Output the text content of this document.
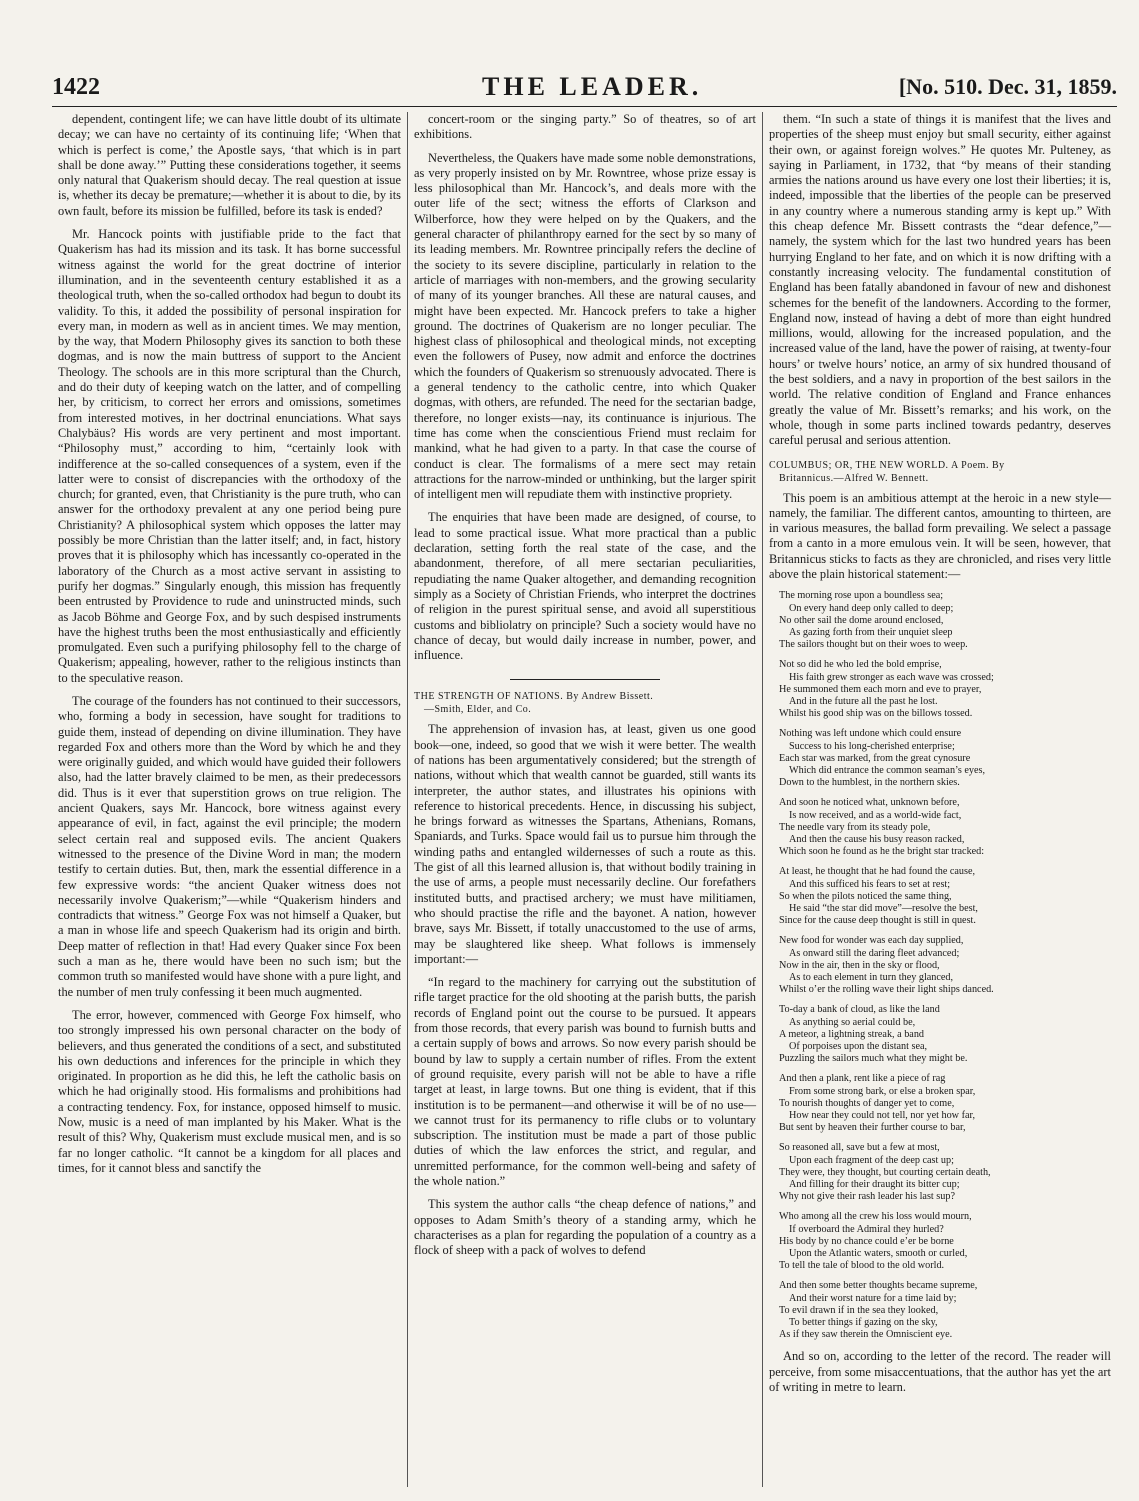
1422	THE LEADER.	[No. 510. Dec. 31, 1859.

dependent, contingent life; we can have little doubt of its ultimate decay; we can have no certainty of its continuing life; ‘When that which is perfect is come,’ the Apostle says, ‘that which is in part shall be done away.’” Putting these considerations together, it seems only natural that Quakerism should decay. The real question at issue is, whether its decay be premature;—whether it is about to die, by its own fault, before its mission be fulfilled, before its task is ended?

Mr. Hancock points with justifiable pride to the fact that Quakerism has had its mission and its task. It has borne successful witness against the world for the great doctrine of interior illumination, and in the seventeenth century established it as a theological truth, when the so-called orthodox had begun to doubt its validity. To this, it added the possibility of personal inspiration for every man, in modern as well as in ancient times. We may mention, by the way, that Modern Philosophy gives its sanction to both these dogmas, and is now the main buttress of support to the Ancient Theology. The schools are in this more scriptural than the Church, and do their duty of keeping watch on the latter, and of compelling her, by criticism, to correct her errors and omissions, sometimes from interested motives, in her doctrinal enunciations. What says Chalybäus? His words are very pertinent and most important. “Philosophy must,” according to him, “certainly look with indifference at the so-called consequences of a system, even if the latter were to consist of discrepancies with the orthodoxy of the church; for granted, even, that Christianity is the pure truth, who can answer for the orthodoxy prevalent at any one period being pure Christianity? A philosophical system which opposes the latter may possibly be more Christian than the latter itself; and, in fact, history proves that it is philosophy which has incessantly co-operated in the laboratory of the Church as a most active servant in assisting to purify her dogmas.” Singularly enough, this mission has frequently been entrusted by Providence to rude and uninstructed minds, such as Jacob Böhme and George Fox, and by such despised instruments have the highest truths been the most enthusiastically and efficiently promulgated. Even such a purifying philosophy fell to the charge of Quakerism; appealing, however, rather to the religious instincts than to the speculative reason.

The courage of the founders has not continued to their successors, who, forming a body in secession, have sought for traditions to guide them, instead of depending on divine illumination. They have regarded Fox and others more than the Word by which he and they were originally guided, and which would have guided their followers also, had the latter bravely claimed to be men, as their predecessors did. Thus is it ever that superstition grows on true religion. The ancient Quakers, says Mr. Hancock, bore witness against every appearance of evil, in fact, against the evil principle; the modern select certain real and supposed evils. The ancient Quakers witnessed to the presence of the Divine Word in man; the modern testify to certain duties. But, then, mark the essential difference in a few expressive words: “the ancient Quaker witness does not necessarily involve Quakerism;”—while “Quakerism hinders and contradicts that witness.” George Fox was not himself a Quaker, but a man in whose life and speech Quakerism had its origin and birth. Deep matter of reflection in that! Had every Quaker since Fox been such a man as he, there would have been no such ism; but the common truth so manifested would have shone with a pure light, and the number of men truly confessing it been much augmented.

The error, however, commenced with George Fox himself, who too strongly impressed his own personal character on the body of believers, and thus generated the conditions of a sect, and substituted his own deductions and inferences for the principle in which they originated. In proportion as he did this, he left the catholic basis on which he had originally stood. His formalisms and prohibitions had a contracting tendency. Fox, for instance, opposed himself to music. Now, music is a need of man implanted by his Maker. What is the result of this? Why, Quakerism must exclude musical men, and is so far no longer catholic. “It cannot be a kingdom for all places and times, for it cannot bless and sanctify the

concert-room or the singing party.” So of theatres, so of art exhibitions.

Nevertheless, the Quakers have made some noble demonstrations, as very properly insisted on by Mr. Rowntree, whose prize essay is less philosophical than Mr. Hancock’s, and deals more with the outer life of the sect; witness the efforts of Clarkson and Wilberforce, how they were helped on by the Quakers, and the general character of philanthropy earned for the sect by so many of its leading members. Mr. Rowntree principally refers the decline of the society to its severe discipline, particularly in relation to the article of marriages with non-members, and the growing secularity of many of its younger branches. All these are natural causes, and might have been expected. Mr. Hancock prefers to take a higher ground. The doctrines of Quakerism are no longer peculiar. The highest class of philosophical and theological minds, not excepting even the followers of Pusey, now admit and enforce the doctrines which the founders of Quakerism so strenuously advocated. There is a general tendency to the catholic centre, into which Quaker dogmas, with others, are refunded. The need for the sectarian badge, therefore, no longer exists—nay, its continuance is injurious. The time has come when the conscientious Friend must reclaim for mankind, what he had given to a party. In that case the course of conduct is clear. The formalisms of a mere sect may retain attractions for the narrow-minded or unthinking, but the larger spirit of intelligent men will repudiate them with instinctive propriety.

The enquiries that have been made are designed, of course, to lead to some practical issue. What more practical than a public declaration, setting forth the real state of the case, and the abandonment, therefore, of all mere sectarian peculiarities, repudiating the name Quaker altogether, and demanding recognition simply as a Society of Christian Friends, who interpret the doctrines of religion in the purest spiritual sense, and avoid all superstitious customs and bibliolatry on principle? Such a society would have no chance of decay, but would daily increase in number, power, and influence.

THE STRENGTH OF NATIONS. By Andrew Bissett.
—Smith, Elder, and Co.

The apprehension of invasion has, at least, given us one good book—one, indeed, so good that we wish it were better. The wealth of nations has been argumentatively considered; but the strength of nations, without which that wealth cannot be guarded, still wants its interpreter, the author states, and illustrates his opinions with reference to historical precedents. Hence, in discussing his subject, he brings forward as witnesses the Spartans, Athenians, Romans, Spaniards, and Turks. Space would fail us to pursue him through the winding paths and entangled wildernesses of such a route as this. The gist of all this learned allusion is, that without bodily training in the use of arms, a people must necessarily decline. Our forefathers instituted butts, and practised archery; we must have militiamen, who should practise the rifle and the bayonet. A nation, however brave, says Mr. Bissett, if totally unaccustomed to the use of arms, may be slaughtered like sheep. What follows is immensely important:—

“In regard to the machinery for carrying out the substitution of rifle target practice for the old shooting at the parish butts, the parish records of England point out the course to be pursued. It appears from those records, that every parish was bound to furnish butts and a certain supply of bows and arrows. So now every parish should be bound by law to supply a certain number of rifles. From the extent of ground requisite, every parish will not be able to have a rifle target at least, in large towns. But one thing is evident, that if this institution is to be permanent—and otherwise it will be of no use—we cannot trust for its permanency to rifle clubs or to voluntary subscription. The institution must be made a part of those public duties of which the law enforces the strict, and regular, and unremitted performance, for the common well-being and safety of the whole nation.”

This system the author calls “the cheap defence of nations,” and opposes to Adam Smith’s theory of a standing army, which he characterises as a plan for regarding the population of a country as a flock of sheep with a pack of wolves to defend

them. “In such a state of things it is manifest that the lives and properties of the sheep must enjoy but small security, either against their own, or against foreign wolves.” He quotes Mr. Pulteney, as saying in Parliament, in 1732, that “by means of their standing armies the nations around us have every one lost their liberties; it is, indeed, impossible that the liberties of the people can be preserved in any country where a numerous standing army is kept up.” With this cheap defence Mr. Bissett contrasts the “dear defence,”—namely, the system which for the last two hundred years has been hurrying England to her fate, and on which it is now drifting with a constantly increasing velocity. The fundamental constitution of England has been fatally abandoned in favour of new and dishonest schemes for the benefit of the landowners. According to the former, England now, instead of having a debt of more than eight hundred millions, would, allowing for the increased population, and the increased value of the land, have the power of raising, at twenty-four hours’ or twelve hours’ notice, an army of six hundred thousand of the best soldiers, and a navy in proportion of the best sailors in the world. The relative condition of England and France enhances greatly the value of Mr. Bissett’s remarks; and his work, on the whole, though in some parts inclined towards pedantry, deserves careful perusal and serious attention.

COLUMBUS; OR, THE NEW WORLD. A Poem. By
Britannicus.—Alfred W. Bennett.

This poem is an ambitious attempt at the heroic in a new style—namely, the familiar. The different cantos, amounting to thirteen, are in various measures, the ballad form prevailing. We select a passage from a canto in a more emulous vein. It will be seen, however, that Britannicus sticks to facts as they are chronicled, and rises very little above the plain historical statement:—

The morning rose upon a boundless sea;
On every hand deep only called to deep;
No other sail the dome around enclosed,
As gazing forth from their unquiet sleep
The sailors thought but on their woes to weep.
Not so did he who led the bold emprise,
His faith grew stronger as each wave was crossed;
He summoned them each morn and eve to prayer,
And in the future all the past he lost.
Whilst his good ship was on the billows tossed.
Nothing was left undone which could ensure
Success to his long-cherished enterprise;
Each star was marked, from the great cynosure
Which did entrance the common seaman’s eyes,
Down to the humblest, in the northern skies.
And soon he noticed what, unknown before,
Is now received, and as a world-wide fact,
The needle vary from its steady pole,
And then the cause his busy reason racked,
Which soon he found as he the bright star tracked:
At least, he thought that he had found the cause,
And this sufficed his fears to set at rest;
So when the pilots noticed the same thing,
He said “the star did move”—resolve the best,
Since for the cause deep thought is still in quest.
New food for wonder was each day supplied,
As onward still the daring fleet advanced;
Now in the air, then in the sky or flood,
As to each element in turn they glanced,
Whilst o’er the rolling wave their light ships danced.
To-day a bank of cloud, as like the land
As anything so aerial could be,
A meteor, a lightning streak, a band
Of porpoises upon the distant sea,
Puzzling the sailors much what they might be.
And then a plank, rent like a piece of rag
From some strong bark, or else a broken spar,
To nourish thoughts of danger yet to come,
How near they could not tell, nor yet how far,
But sent by heaven their further course to bar,
So reasoned all, save but a few at most,
Upon each fragment of the deep cast up;
They were, they thought, but courting certain death,
And filling for their draught its bitter cup;
Why not give their rash leader his last sup?
Who among all the crew his loss would mourn,
If overboard the Admiral they hurled?
His body by no chance could e’er be borne
Upon the Atlantic waters, smooth or curled,
To tell the tale of blood to the old world.
And then some better thoughts became supreme,
And their worst nature for a time laid by;
To evil drawn if in the sea they looked,
To better things if gazing on the sky,
As if they saw therein the Omniscient eye.

And so on, according to the letter of the record. The reader will perceive, from some misaccentuations, that the author has yet the art of writing in metre to learn.
